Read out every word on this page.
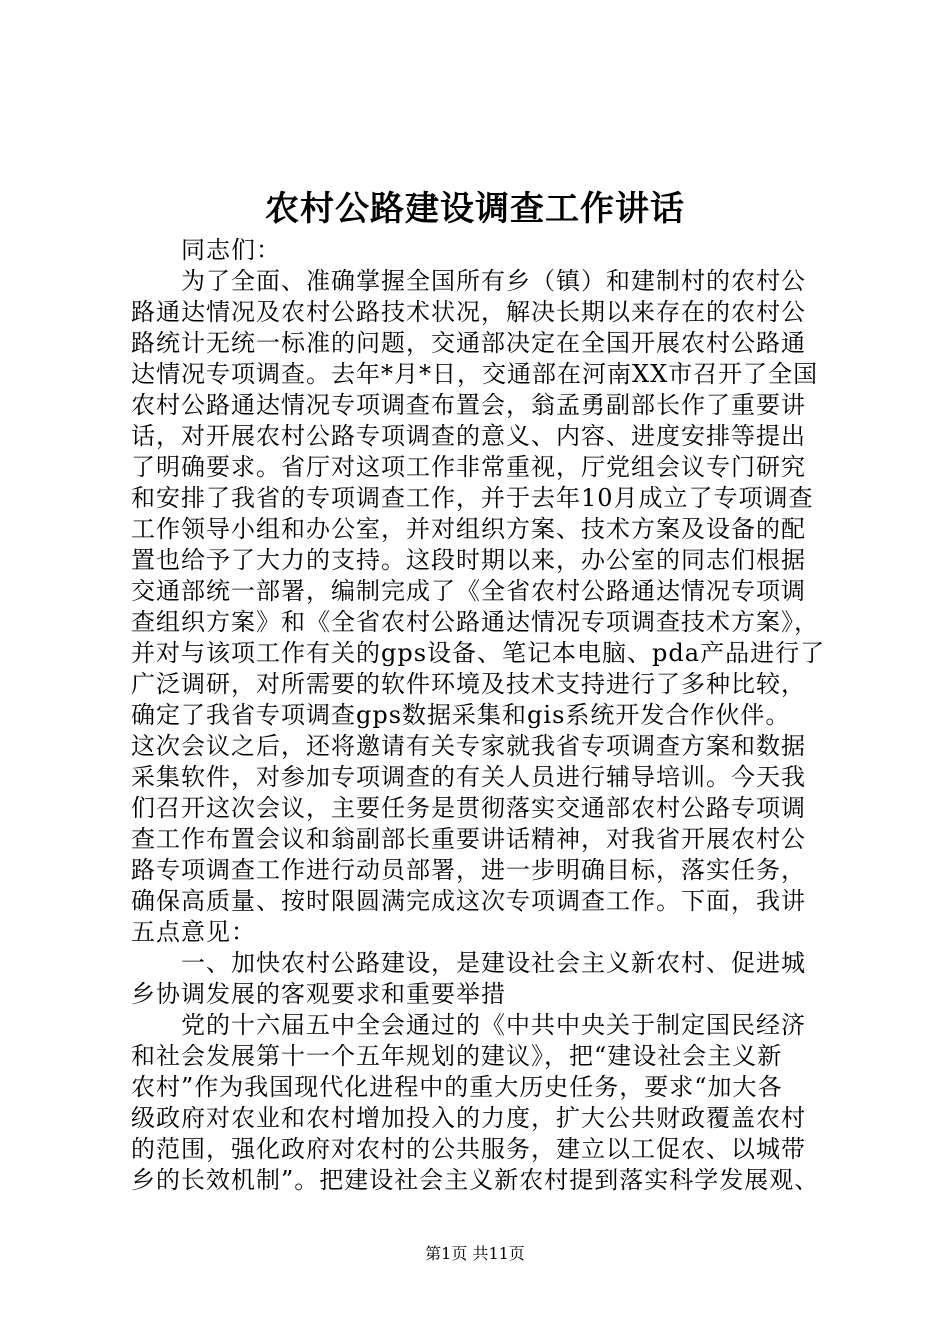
农村公路建设调查工作讲话
同志们：
为了全面、准确掌握全国所有乡（镇）和建制村的农村公
路通达情况及农村公路技术状况，解决长期以来存在的农村公
路统计无统一标准的问题，交通部决定在全国开展农村公路通
达情况专项调查。去年*月*日，交通部在河南XX市召开了全国
农村公路通达情况专项调查布置会，翁孟勇副部长作了重要讲
话，对开展农村公路专项调查的意义、内容、进度安排等提出
了明确要求。省厅对这项工作非常重视，厅党组会议专门研究
和安排了我省的专项调查工作，并于去年10月成立了专项调查
工作领导小组和办公室，并对组织方案、技术方案及设备的配
置也给予了大力的支持。这段时期以来，办公室的同志们根据
交通部统一部署，编制完成了《全省农村公路通达情况专项调
查组织方案》和《全省农村公路通达情况专项调查技术方案》，
并对与该项工作有关的gps设备、笔记本电脑、pda产品进行了
广泛调研，对所需要的软件环境及技术支持进行了多种比较，
确定了我省专项调查gps数据采集和gis系统开发合作伙伴。
这次会议之后，还将邀请有关专家就我省专项调查方案和数据
采集软件，对参加专项调查的有关人员进行辅导培训。今天我
们召开这次会议，主要任务是贯彻落实交通部农村公路专项调
查工作布置会议和翁副部长重要讲话精神，对我省开展农村公
路专项调查工作进行动员部署，进一步明确目标，落实任务，
确保高质量、按时限圆满完成这次专项调查工作。下面，我讲
五点意见：
一、加快农村公路建设，是建设社会主义新农村、促进城
乡协调发展的客观要求和重要举措
党的十六届五中全会通过的《中共中央关于制定国民经济
和社会发展第十一个五年规划的建议》，把“建设社会主义新
农村”作为我国现代化进程中的重大历史任务，要求“加大各
级政府对农业和农村增加投入的力度，扩大公共财政覆盖农村
的范围，强化政府对农村的公共服务，建立以工促农、以城带
乡的长效机制”。把建设社会主义新农村提到落实科学发展观、
第1页 共11页
